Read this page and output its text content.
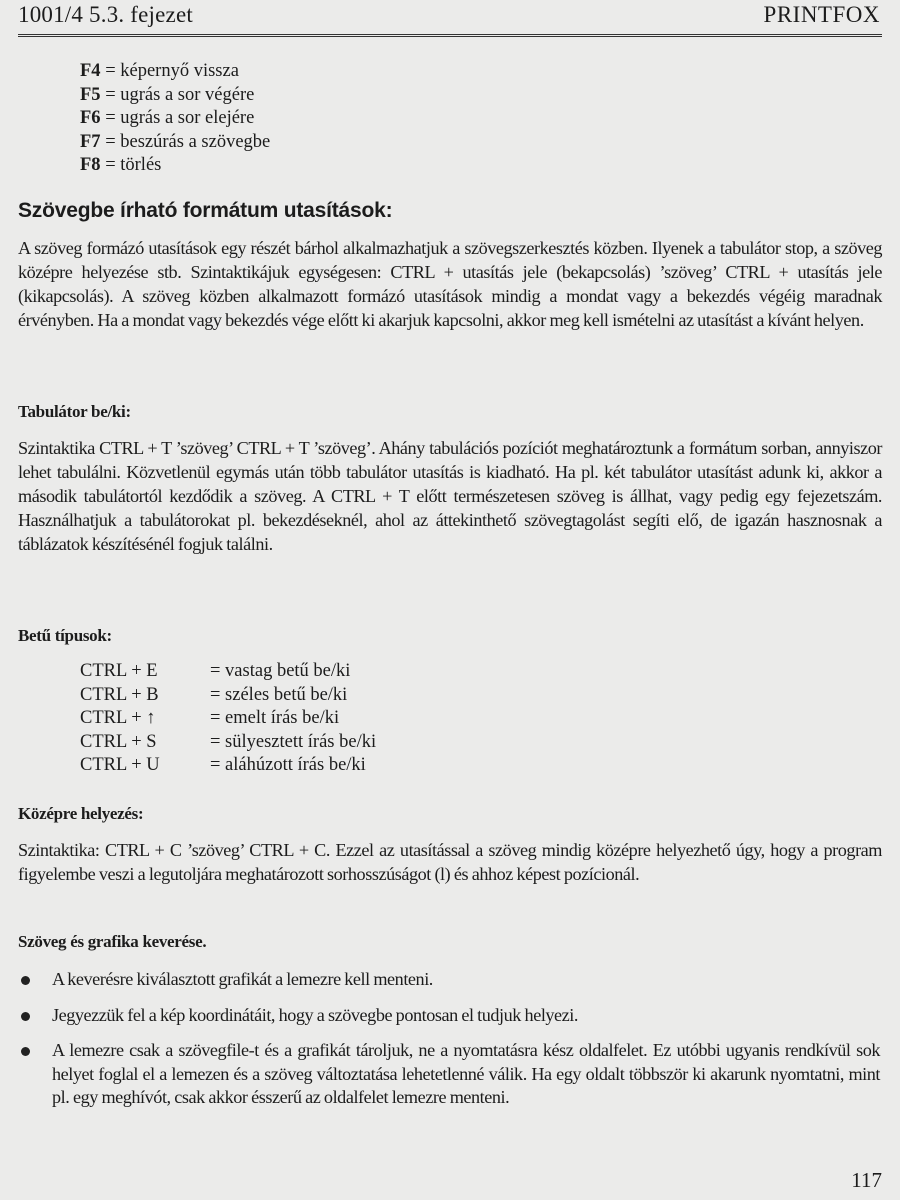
1001/4 5.3. fejezet	PRINTFOX
F4 = képernyő vissza
F5 = ugrás a sor végére
F6 = ugrás a sor elejére
F7 = beszúrás a szövegbe
F8 = törlés
Szövegbe írható formátum utasítások:
A szöveg formázó utasítások egy részét bárhol alkalmazhatjuk a szövegszerkesztés közben. Ilyenek a tabulátor stop, a szöveg középre helyezése stb. Szintaktikájuk egységesen: CTRL + utasítás jele (bekapcsolás) ’szöveg’ CTRL + utasítás jele (kikapcsolás). A szöveg közben alkalmazott formázó utasítások mindig a mondat vagy a bekezdés végéig maradnak érvényben. Ha a mondat vagy bekezdés vége előtt ki akarjuk kapcsolni, akkor meg kell ismételni az utasítást a kívánt helyen.
Tabulátor be/ki:
Szintaktika CTRL + T ’szöveg’ CTRL + T ’szöveg’. Ahány tabulációs pozíciót meghatároztunk a formátum sorban, annyiszor lehet tabulálni. Közvetlenül egymás után több tabulátor utasítás is kiadható. Ha pl. két tabulátor utasítást adunk ki, akkor a második tabulátortól kezdődik a szöveg. A CTRL + T előtt természetesen szöveg is állhat, vagy pedig egy fejezetszám. Használhatjuk a tabulátorokat pl. bekezdéseknél, ahol az áttekinthető szövegtagolást segíti elő, de igazán hasznosnak a táblázatok készítésénél fogjuk találni.
Betű típusok:
CTRL + E	= vastag betű be/ki
CTRL + B	= széles betű be/ki
CTRL + ↑	= emelt írás be/ki
CTRL + S	= sülyesztett írás be/ki
CTRL + U	= aláhúzott írás be/ki
Középre helyezés:
Szintaktika: CTRL + C ’szöveg’ CTRL + C. Ezzel az utasítással a szöveg mindig középre helyezhető úgy, hogy a program figyelembe veszi a legutoljára meghatározott sorhosszúságot (l) és ahhoz képest pozícionál.
Szöveg és grafika keverése.
A keverésre kiválasztott grafikát a lemezre kell menteni.
Jegyezzük fel a kép koordinátáit, hogy a szövegbe pontosan el tudjuk helyezi.
A lemezre csak a szövegfile-t és a grafikát tároljuk, ne a nyomtatásra kész oldalfelet. Ez utóbbi ugyanis rendkívül sok helyet foglal el a lemezen és a szöveg változtatása lehetetlenné válik. Ha egy oldalt többször ki akarunk nyomtatni, mint pl. egy meghívót, csak akkor ésszerű az oldalfelet lemezre menteni.
117
